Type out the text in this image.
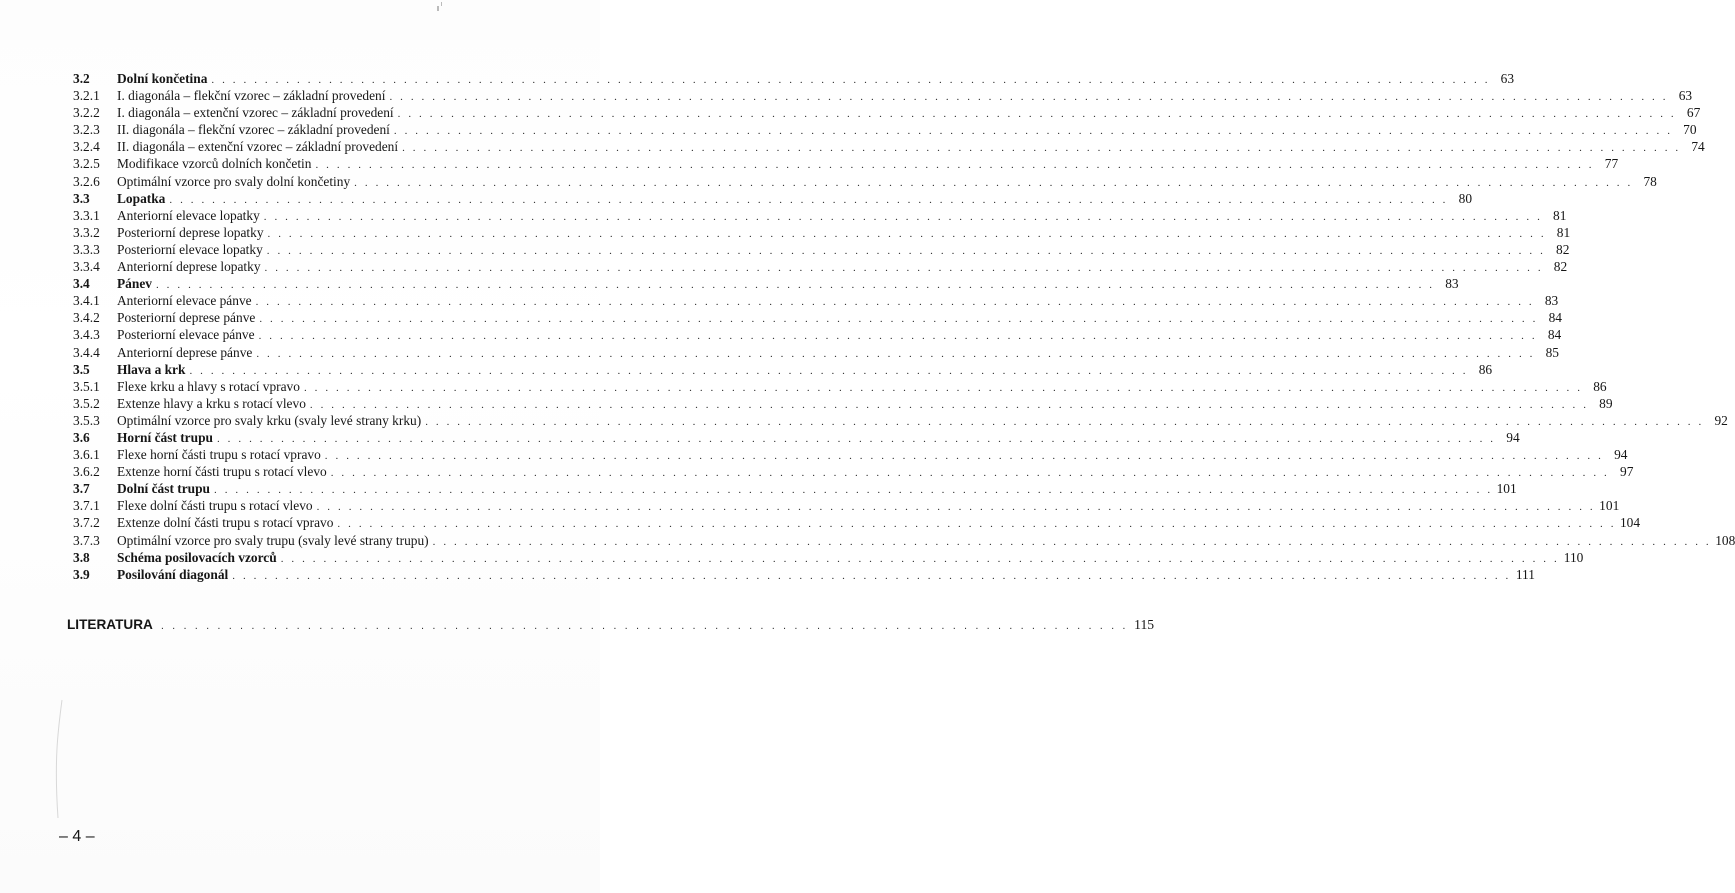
3.2	Dolní končetina . . . . . . . . . . . . . . . . . . . . . . . . . . . . . . . . . . . . . . . . . . . . . . . . . . . . . . . . . . . . . . . . . . . . . . . . . . . . . . . . . . . . . . . . . . . . . . . . . . . . . . . . . . . . . . . . . . . . . . . . 63
3.2.1	I. diagonála – flekční vzorec – základní provedení . . . . . . . . . . . . . . . . . . . . . . . . . . . . . . . . . . . . . . . . . . . . . . . . . . . . . . . . . . . . . . . . . . . . . . . . . . . . . . . . . . . . . . . . . . . . . . . . . . . . . . . . . . . . . . . . . . . . . . . . 63
3.2.2	I. diagonála – extenční vzorec – základní provedení . . . . . . . . . . . . . . . . . . . . . . . . . . . . . . . . . . . . . . . . . . . . . . . . . . . . . . . . . . . . . . . . . . . . . . . . . . . . . . . . . . . . . . . . . . . . . . . . . . . . . . . . . . . . . . . . . . . . . . . . 67
3.2.3	II. diagonála – flekční vzorec – základní provedení . . . . . . . . . . . . . . . . . . . . . . . . . . . . . . . . . . . . . . . . . . . . . . . . . . . . . . . . . . . . . . . . . . . . . . . . . . . . . . . . . . . . . . . . . . . . . . . . . . . . . . . . . . . . . . . . . . . . . . . . 70
3.2.4	II. diagonála – extenční vzorec – základní provedení . . . . . . . . . . . . . . . . . . . . . . . . . . . . . . . . . . . . . . . . . . . . . . . . . . . . . . . . . . . . . . . . . . . . . . . . . . . . . . . . . . . . . . . . . . . . . . . . . . . . . . . . . . . . . . . . . . . . . . . . 74
3.2.5	Modifikace vzorců dolních končetin . . . . . . . . . . . . . . . . . . . . . . . . . . . . . . . . . . . . . . . . . . . . . . . . . . . . . . . . . . . . . . . . . . . . . . . . . . . . . . . . . . . . . . . . . . . . . . . . . . . . . . . . . . . . . . . . . . . . . . . . 77
3.2.6	Optimální vzorce pro svaly dolní končetiny . . . . . . . . . . . . . . . . . . . . . . . . . . . . . . . . . . . . . . . . . . . . . . . . . . . . . . . . . . . . . . . . . . . . . . . . . . . . . . . . . . . . . . . . . . . . . . . . . . . . . . . . . . . . . . . . . . . . . . . . 78
3.3	Lopatka . . . . . . . . . . . . . . . . . . . . . . . . . . . . . . . . . . . . . . . . . . . . . . . . . . . . . . . . . . . . . . . . . . . . . . . . . . . . . . . . . . . . . . . . . . . . . . . . . . . . . . . . . . . . . . . . . . . . . . . . 80
3.3.1	Anteriorní elevace lopatky . . . . . . . . . . . . . . . . . . . . . . . . . . . . . . . . . . . . . . . . . . . . . . . . . . . . . . . . . . . . . . . . . . . . . . . . . . . . . . . . . . . . . . . . . . . . . . . . . . . . . . . . . . . . . . . . . . . . . . . . 81
3.3.2	Posteriorní deprese lopatky . . . . . . . . . . . . . . . . . . . . . . . . . . . . . . . . . . . . . . . . . . . . . . . . . . . . . . . . . . . . . . . . . . . . . . . . . . . . . . . . . . . . . . . . . . . . . . . . . . . . . . . . . . . . . . . . . . . . . . . . 81
3.3.3	Posteriorní elevace lopatky . . . . . . . . . . . . . . . . . . . . . . . . . . . . . . . . . . . . . . . . . . . . . . . . . . . . . . . . . . . . . . . . . . . . . . . . . . . . . . . . . . . . . . . . . . . . . . . . . . . . . . . . . . . . . . . . . . . . . . . . 82
3.3.4	Anteriorní deprese lopatky . . . . . . . . . . . . . . . . . . . . . . . . . . . . . . . . . . . . . . . . . . . . . . . . . . . . . . . . . . . . . . . . . . . . . . . . . . . . . . . . . . . . . . . . . . . . . . . . . . . . . . . . . . . . . . . . . . . . . . . . 82
3.4	Pánev . . . . . . . . . . . . . . . . . . . . . . . . . . . . . . . . . . . . . . . . . . . . . . . . . . . . . . . . . . . . . . . . . . . . . . . . . . . . . . . . . . . . . . . . . . . . . . . . . . . . . . . . . . . . . . . . . . . . . . . . 83
3.4.1	Anteriorní elevace pánve . . . . . . . . . . . . . . . . . . . . . . . . . . . . . . . . . . . . . . . . . . . . . . . . . . . . . . . . . . . . . . . . . . . . . . . . . . . . . . . . . . . . . . . . . . . . . . . . . . . . . . . . . . . . . . . . . . . . . . . . 83
3.4.2	Posteriorní deprese pánve . . . . . . . . . . . . . . . . . . . . . . . . . . . . . . . . . . . . . . . . . . . . . . . . . . . . . . . . . . . . . . . . . . . . . . . . . . . . . . . . . . . . . . . . . . . . . . . . . . . . . . . . . . . . . . . . . . . . . . . . 84
3.4.3	Posteriorní elevace pánve . . . . . . . . . . . . . . . . . . . . . . . . . . . . . . . . . . . . . . . . . . . . . . . . . . . . . . . . . . . . . . . . . . . . . . . . . . . . . . . . . . . . . . . . . . . . . . . . . . . . . . . . . . . . . . . . . . . . . . . . 84
3.4.4	Anteriorní deprese pánve . . . . . . . . . . . . . . . . . . . . . . . . . . . . . . . . . . . . . . . . . . . . . . . . . . . . . . . . . . . . . . . . . . . . . . . . . . . . . . . . . . . . . . . . . . . . . . . . . . . . . . . . . . . . . . . . . . . . . . . . 85
3.5	Hlava a krk . . . . . . . . . . . . . . . . . . . . . . . . . . . . . . . . . . . . . . . . . . . . . . . . . . . . . . . . . . . . . . . . . . . . . . . . . . . . . . . . . . . . . . . . . . . . . . . . . . . . . . . . . . . . . . . . . . . . . . . . 86
3.5.1	Flexe krku a hlavy s rotací vpravo . . . . . . . . . . . . . . . . . . . . . . . . . . . . . . . . . . . . . . . . . . . . . . . . . . . . . . . . . . . . . . . . . . . . . . . . . . . . . . . . . . . . . . . . . . . . . . . . . . . . . . . . . . . . . . . . . . . . . . . . 86
3.5.2	Extenze hlavy a krku s rotací vlevo . . . . . . . . . . . . . . . . . . . . . . . . . . . . . . . . . . . . . . . . . . . . . . . . . . . . . . . . . . . . . . . . . . . . . . . . . . . . . . . . . . . . . . . . . . . . . . . . . . . . . . . . . . . . . . . . . . . . . . . . 89
3.5.3	Optimální vzorce pro svaly krku (svaly levé strany krku) . . . . . . . . . . . . . . . . . . . . . . . . . . . . . . . . . . . . . . . . . . . . . . . . . . . . . . . . . . . . . . . . . . . . . . . . . . . . . . . . . . . . . . . . . . . . . . . . . . . . . . . . . . . . . . . . . . . . . . . . 92
3.6	Horní část trupu . . . . . . . . . . . . . . . . . . . . . . . . . . . . . . . . . . . . . . . . . . . . . . . . . . . . . . . . . . . . . . . . . . . . . . . . . . . . . . . . . . . . . . . . . . . . . . . . . . . . . . . . . . . . . . . . . . . . . . . . 94
3.6.1	Flexe horní části trupu s rotací vpravo . . . . . . . . . . . . . . . . . . . . . . . . . . . . . . . . . . . . . . . . . . . . . . . . . . . . . . . . . . . . . . . . . . . . . . . . . . . . . . . . . . . . . . . . . . . . . . . . . . . . . . . . . . . . . . . . . . . . . . . . 94
3.6.2	Extenze horní části trupu s rotací vlevo . . . . . . . . . . . . . . . . . . . . . . . . . . . . . . . . . . . . . . . . . . . . . . . . . . . . . . . . . . . . . . . . . . . . . . . . . . . . . . . . . . . . . . . . . . . . . . . . . . . . . . . . . . . . . . . . . . . . . . . . 97
3.7	Dolní část trupu . . . . . . . . . . . . . . . . . . . . . . . . . . . . . . . . . . . . . . . . . . . . . . . . . . . . . . . . . . . . . . . . . . . . . . . . . . . . . . . . . . . . . . . . . . . . . . . . . . . . . . . . . . . . . . . . . . . . . . . . 101
3.7.1	Flexe dolní části trupu s rotací vlevo . . . . . . . . . . . . . . . . . . . . . . . . . . . . . . . . . . . . . . . . . . . . . . . . . . . . . . . . . . . . . . . . . . . . . . . . . . . . . . . . . . . . . . . . . . . . . . . . . . . . . . . . . . . . . . . . . . . . . . . . 101
3.7.2	Extenze dolní části trupu s rotací vpravo . . . . . . . . . . . . . . . . . . . . . . . . . . . . . . . . . . . . . . . . . . . . . . . . . . . . . . . . . . . . . . . . . . . . . . . . . . . . . . . . . . . . . . . . . . . . . . . . . . . . . . . . . . . . . . . . . . . . . . . . 104
3.7.3	Optimální vzorce pro svaly trupu (svaly levé strany trupu) . . . . . . . . . . . . . . . . . . . . . . . . . . . . . . . . . . . . . . . . . . . . . . . . . . . . . . . . . . . . . . . . . . . . . . . . . . . . . . . . . . . . . . . . . . . . . . . . . . . . . . . . . . . . . . . . . . . . . . . . 108
3.8	Schéma posilovacích vzorců . . . . . . . . . . . . . . . . . . . . . . . . . . . . . . . . . . . . . . . . . . . . . . . . . . . . . . . . . . . . . . . . . . . . . . . . . . . . . . . . . . . . . . . . . . . . . . . . . . . . . . . . . . . . . . . . . . . . . . . . 110
3.9	Posilování diagonál . . . . . . . . . . . . . . . . . . . . . . . . . . . . . . . . . . . . . . . . . . . . . . . . . . . . . . . . . . . . . . . . . . . . . . . . . . . . . . . . . . . . . . . . . . . . . . . . . . . . . . . . . . . . . . . . . . . . . . . . 111
LITERATURA . . . . . . . . . . . . . . . . . . . . . . . . . . . . . . . . . . . . . . . . . . . . . . . . . . . . . . . . . . . . . . . . . . . . . . . . . . . . . . . . . . . . . . 115
– 4 –
